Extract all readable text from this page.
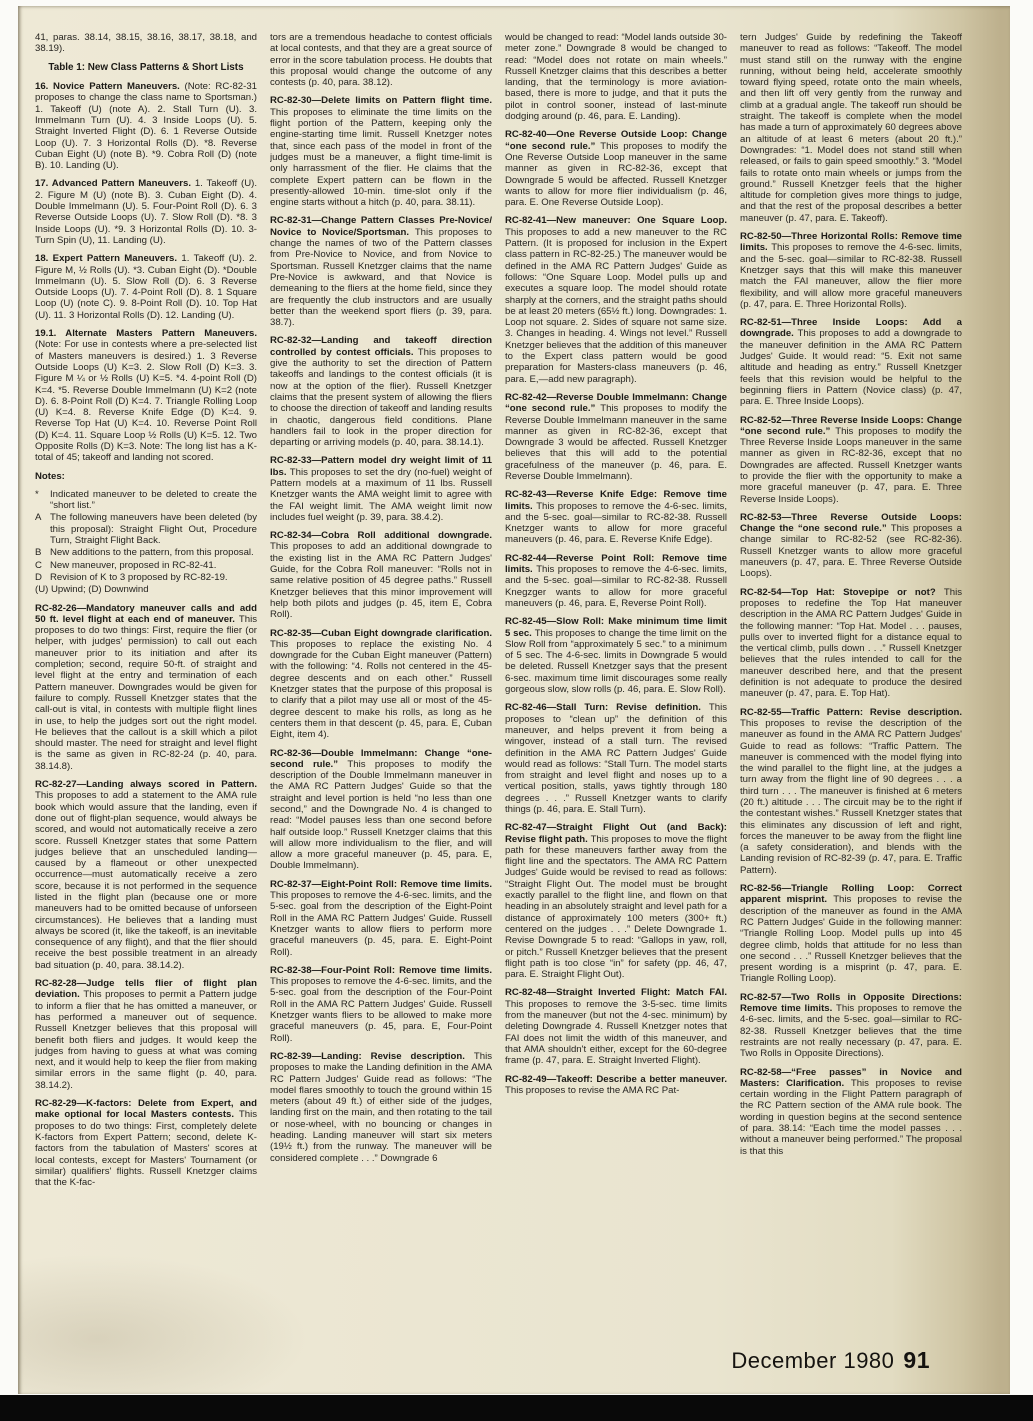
41, paras. 38.14, 38.15, 38.16, 38.17, 38.18, and 38.19).

Table 1: New Class Patterns & Short Lists

16. Novice Pattern Maneuvers. (Note: RC-82-31 proposes to change the class name to Sportsman.) 1. Takeoff (U) (note A). 2. Stall Turn (U). 3. Immelmann Turn (U). 4. 3 Inside Loops (U). 5. Straight Inverted Flight (D). 6. 1 Reverse Outside Loop (U). 7. 3 Horizontal Rolls (D). *8. Reverse Cuban Eight (U) (note B). *9. Cobra Roll (D) (note B). 10. Landing (U).

17. Advanced Pattern Maneuvers. 1. Takeoff (U). 2. Figure M (U) (note B). 3. Cuban Eight (D). 4. Double Immelmann (U). 5. Four-Point Roll (D). 6. 3 Reverse Outside Loops (U). 7. Slow Roll (D). *8. 3 Inside Loops (U). *9. 3 Horizontal Rolls (D). 10. 3-Turn Spin (U), 11. Landing (U).

18. Expert Pattern Maneuvers. 1. Takeoff (U). 2. Figure M, ½ Rolls (U). *3. Cuban Eight (D). *Double Immelmann (U). 5. Slow Roll (D). 6. 3 Reverse Outside Loops (U). 7. 4-Point Roll (D). 8. 1 Square Loop (U) (note C). 9. 8-Point Roll (D). 10. Top Hat (U). 11. 3 Horizontal Rolls (D). 12. Landing (U).

19.1. Alternate Masters Pattern Maneuvers. (Note: For use in contests where a pre-selected list of Masters maneuvers is desired.) 1. 3 Reverse Outside Loops (U) K=3. 2. Slow Roll (D) K=3. 3. Figure M ¼ or ½ Rolls (U) K=5. *4. 4-point Roll (D) K=4. *5. Reverse Double Immelmann (U) K=2 (note D). 6. 8-Point Roll (D) K=4. 7. Triangle Rolling Loop (U) K=4. 8. Reverse Knife Edge (D) K=4. 9. Reverse Top Hat (U) K=4. 10. Reverse Point Roll (D) K=4. 11. Square Loop ½ Rolls (U) K=5. 12. Two Opposite Rolls (D) K=3. Note: The long list has a K-total of 45; takeoff and landing not scored.

Notes:

*	Indicated maneuver to be deleted to create the “short list.”

A The following maneuvers have been deleted (by this proposal): Straight Flight Out, Procedure Turn, Straight Flight Back.

B New additions to the pattern, from this proposal.

C New maneuver, proposed in RC-82-41.

D Revision of K to 3 proposed by RC-82-19.

(U) Upwind; (D) Downwind

RC-82-26—Mandatory maneuver calls and add 50 ft. level flight at each end of maneuver. This proposes to do two things: First, require the flier (or helper, with judges' permission) to call out each maneuver prior to its initiation and after its completion; second, require 50-ft. of straight and level flight at the entry and termination of each Pattern maneuver. Downgrades would be given for failure to comply. Russell Knetzger states that the call-out is vital, in contests with multiple flight lines in use, to help the judges sort out the right model. He believes that the callout is a skill which a pilot should master. The need for straight and level flight is the same as given in RC-82-24 (p. 40, para. 38.14.8).

RC-82-27—Landing always scored in Pattern. This proposes to add a statement to the AMA rule book which would assure that the landing, even if done out of flight-plan sequence, would always be scored, and would not automatically receive a zero score. Russell Knetzger states that some Pattern judges believe that an unscheduled landing—caused by a flameout or other unexpected occurrence—must automatically receive a zero score, because it is not performed in the sequence listed in the flight plan (because one or more maneuvers had to be omitted because of unforseen circumstances). He believes that a landing must always be scored (it, like the takeoff, is an inevitable consequence of any flight), and that the flier should receive the best possible treatment in an already bad situation (p. 40, para. 38.14.2).

RC-82-28—Judge tells flier of flight plan deviation. This proposes to permit a Pattern judge to inform a flier that he has omitted a maneuver, or has performed a maneuver out of sequence. Russell Knetzger believes that this proposal will benefit both fliers and judges. It would keep the judges from having to guess at what was coming next, and it would help to keep the flier from making similar errors in the same flight (p. 40, para. 38.14.2).

RC-82-29—K-factors: Delete from Expert, and make optional for local Masters contests. This proposes to do two things: First, completely delete K-factors from Expert Pattern; second, delete K-factors from the tabulation of Masters' scores at local contests, except for Masters' Tournament (or similar) qualifiers' flights. Russell Knetzger claims that the K-fac-

tors are a tremendous headache to contest officials at local contests, and that they are a great source of error in the score tabulation process. He doubts that this proposal would change the outcome of any contests (p. 40, para. 38.12).

RC-82-30—Delete limits on Pattern flight time. This proposes to eliminate the time limits on the flight portion of the Pattern, keeping only the engine-starting time limit. Russell Knetzger notes that, since each pass of the model in front of the judges must be a maneuver, a flight time-limit is only harrassment of the flier. He claims that the complete Expert pattern can be flown in the presently-allowed 10-min. time-slot only if the engine starts without a hitch (p. 40, para. 38.11).

RC-82-31—Change Pattern Classes Pre-Novice/ Novice to Novice/Sportsman. This proposes to change the names of two of the Pattern classes from Pre-Novice to Novice, and from Novice to Sportsman. Russell Knetzger claims that the name Pre-Novice is awkward, and that Novice is demeaning to the fliers at the home field, since they are frequently the club instructors and are usually better than the weekend sport fliers (p. 39, para. 38.7).

RC-82-32—Landing and takeoff direction controlled by contest officials. This proposes to give the authority to set the direction of Pattern takeoffs and landings to the contest officials (it is now at the option of the flier). Russell Knetzger claims that the present system of allowing the fliers to choose the direction of takeoff and landing results in chaotic, dangerous field conditions. Plane handlers fail to look in the proper direction for departing or arriving models (p. 40, para. 38.14.1).

RC-82-33—Pattern model dry weight limit of 11 lbs. This proposes to set the dry (no-fuel) weight of Pattern models at a maximum of 11 lbs. Russell Knetzger wants the AMA weight limit to agree with the FAI weight limit. The AMA weight limit now includes fuel weight (p. 39, para. 38.4.2).

RC-82-34—Cobra Roll additional downgrade. This proposes to add an additional downgrade to the existing list in the AMA RC Pattern Judges' Guide, for the Cobra Roll maneuver: “Rolls not in same relative position of 45 degree paths.” Russell Knetzger believes that this minor improvement will help both pilots and judges (p. 45, item E, Cobra Roll).

RC-82-35—Cuban Eight downgrade clarification. This proposes to replace the existing No. 4 downgrade for the Cuban Eight maneuver (Pattern) with the following: “4. Rolls not centered in the 45-degree descents and on each other.” Russell Knetzger states that the purpose of this proposal is to clarify that a pilot may use all or most of the 45-degree descent to make his rolls, as long as he centers them in that descent (p. 45, para. E, Cuban Eight, item 4).

RC-82-36—Double Immelmann: Change “one-second rule.” This proposes to modify the description of the Double Immelmann maneuver in the AMA RC Pattern Judges' Guide so that the straight and level portion is held “no less than one second,” and the Downgrade No. 4 is changed to read: “Model pauses less than one second before half outside loop.” Russell Knetzger claims that this will allow more individualism to the flier, and will allow a more graceful maneuver (p. 45, para. E, Double Immelmann).

RC-82-37—Eight-Point Roll: Remove time limits. This proposes to remove the 4-6-sec. limits, and the 5-sec. goal from the description of the Eight-Point Roll in the AMA RC Pattern Judges' Guide. Russell Knetzger wants to allow fliers to perform more graceful maneuvers (p. 45, para. E. Eight-Point Roll).

RC-82-38—Four-Point Roll: Remove time limits. This proposes to remove the 4-6-sec. limits, and the 5-sec. goal from the description of the Four-Point Roll in the AMA RC Pattern Judges' Guide. Russell Knetzger wants fliers to be allowed to make more graceful maneuvers (p. 45, para. E, Four-Point Roll).

RC-82-39—Landing: Revise description. This proposes to make the Landing definition in the AMA RC Pattern Judges' Guide read as follows: “The model flares smoothly to touch the ground within 15 meters (about 49 ft.) of either side of the judges, landing first on the main, and then rotating to the tail or nose-wheel, with no bouncing or changes in heading. Landing maneuver will start six meters (19½ ft.) from the runway. The maneuver will be considered complete . . .” Downgrade 6

would be changed to read: “Model lands outside 30-meter zone.” Downgrade 8 would be changed to read: “Model does not rotate on main wheels.” Russell Knetzger claims that this describes a better landing, that the terminology is more aviation-based, there is more to judge, and that it puts the pilot in control sooner, instead of last-minute dodging around (p. 46, para. E. Landing).

RC-82-40—One Reverse Outside Loop: Change “one second rule.” This proposes to modify the One Reverse Outside Loop maneuver in the same manner as given in RC-82-36, except that Downgrade 5 would be affected. Russell Knetzger wants to allow for more flier individualism (p. 46, para. E. One Reverse Outside Loop).

RC-82-41—New maneuver: One Square Loop. This proposes to add a new maneuver to the RC Pattern. (It is proposed for inclusion in the Expert class pattern in RC-82-25.) The maneuver would be defined in the AMA RC Pattern Judges' Guide as follows: “One Square Loop. Model pulls up and executes a square loop. The model should rotate sharply at the corners, and the straight paths should be at least 20 meters (65½ ft.) long. Downgrades: 1. Loop not square. 2. Sides of square not same size. 3. Changes in heading. 4. Wings not level.” Russell Knetzger believes that the addition of this maneuver to the Expert class pattern would be good preparation for Masters-class maneuvers (p. 46, para. E,—add new paragraph).

RC-82-42—Reverse Double Immelmann: Change “one second rule.” This proposes to modify the Reverse Double Immelmann maneuver in the same manner as given in RC-82-36, except that Downgrade 3 would be affected. Russell Knetzger believes that this will add to the potential gracefulness of the maneuver (p. 46, para. E. Reverse Double Immelmann).

RC-82-43—Reverse Knife Edge: Remove time limits. This proposes to remove the 4-6-sec. limits, and the 5-sec. goal—similar to RC-82-38. Russell Knetzger wants to allow for more graceful maneuvers (p. 46, para. E. Reverse Knife Edge).

RC-82-44—Reverse Point Roll: Remove time limits. This proposes to remove the 4-6-sec. limits, and the 5-sec. goal—similar to RC-82-38. Russell Knegzger wants to allow for more graceful maneuvers (p. 46, para. E, Reverse Point Roll).

RC-82-45—Slow Roll: Make minimum time limit 5 sec. This proposes to change the time limit on the Slow Roll from “approximately 5 sec.” to a minimum of 5 sec. The 4-6-sec. limits in Downgrade 5 would be deleted. Russell Knetzger says that the present 6-sec. maximum time limit discourages some really gorgeous slow, slow rolls (p. 46, para. E. Slow Roll).

RC-82-46—Stall Turn: Revise definition. This proposes to “clean up” the definition of this maneuver, and helps prevent it from being a wingover, instead of a stall turn. The revised definition in the AMA RC Pattern Judges' Guide would read as follows: “Stall Turn. The model starts from straight and level flight and noses up to a vertical position, stalls, yaws tightly through 180 degrees . . .” Russell Knetzger wants to clarify things (p. 46, para. E. Stall Turn).

RC-82-47—Straight Flight Out (and Back): Revise flight path. This proposes to move the flight path for these maneuvers farther away from the flight line and the spectators. The AMA RC Pattern Judges' Guide would be revised to read as follows: “Straight Flight Out. The model must be brought exactly parallel to the flight line, and flown on that heading in an absolutely straight and level path for a distance of approximately 100 meters (300+ ft.) centered on the judges . . .” Delete Downgrade 1. Revise Downgrade 5 to read: “Gallops in yaw, roll, or pitch.” Russell Knetzger believes that the present flight path is too close “in” for safety (pp. 46, 47, para. E. Straight Flight Out).

RC-82-48—Straight Inverted Flight: Match FAI. This proposes to remove the 3-5-sec. time limits from the maneuver (but not the 4-sec. minimum) by deleting Downgrade 4. Russell Knetzger notes that FAI does not limit the width of this maneuver, and that AMA shouldn't either, except for the 60-degree frame (p. 47, para. E. Straight Inverted Flight).

RC-82-49—Takeoff: Describe a better maneuver. This proposes to revise the AMA RC Pat-

tern Judges' Guide by redefining the Takeoff maneuver to read as follows: “Takeoff. The model must stand still on the runway with the engine running, without being held, accelerate smoothly toward flying speed, rotate onto the main wheels, and then lift off very gently from the runway and climb at a gradual angle. The takeoff run should be straight. The takeoff is complete when the model has made a turn of approximately 60 degrees above an altitude of at least 6 meters (about 20 ft.).” Downgrades: “1. Model does not stand still when released, or fails to gain speed smoothly.” 3. “Model fails to rotate onto main wheels or jumps from the ground.” Russell Knetzger feels that the higher altitude for completion gives more things to judge, and that the rest of the proposal describes a better maneuver (p. 47, para. E. Takeoff).

RC-82-50—Three Horizontal Rolls: Remove time limits. This proposes to remove the 4-6-sec. limits, and the 5-sec. goal—similar to RC-82-38. Russell Knetzger says that this will make this maneuver match the FAI maneuver, allow the flier more flexibility, and will allow more graceful maneuvers (p. 47, para. E. Three Horizontal Rolls).

RC-82-51—Three Inside Loops: Add a downgrade. This proposes to add a downgrade to the maneuver definition in the AMA RC Pattern Judges' Guide. It would read: “5. Exit not same altitude and heading as entry.” Russell Knetzger feels that this revision would be helpful to the beginning fliers in Pattern (Novice class) (p. 47, para. E. Three Inside Loops).

RC-82-52—Three Reverse Inside Loops: Change “one second rule.” This proposes to modify the Three Reverse Inside Loops maneuver in the same manner as given in RC-82-36, except that no Downgrades are affected. Russell Knetzger wants to provide the flier with the opportunity to make a more graceful maneuver (p. 47, para. E. Three Reverse Inside Loops).

RC-82-53—Three Reverse Outside Loops: Change the “one second rule.” This proposes a change similar to RC-82-52 (see RC-82-36). Russell Knetzger wants to allow more graceful maneuvers (p. 47, para. E. Three Reverse Outside Loops).

RC-82-54—Top Hat: Stovepipe or not? This proposes to redefine the Top Hat maneuver description in the AMA RC Pattern Judges' Guide in the following manner: “Top Hat. Model . . . pauses, pulls over to inverted flight for a distance equal to the vertical climb, pulls down . . .” Russell Knetzger believes that the rules intended to call for the maneuver described here, and that the present definition is not adequate to produce the desired maneuver (p. 47, para. E. Top Hat).

RC-82-55—Traffic Pattern: Revise description. This proposes to revise the description of the maneuver as found in the AMA RC Pattern Judges' Guide to read as follows: “Traffic Pattern. The maneuver is commenced with the model flying into the wind parallel to the flight line, at the judges a turn away from the flight line of 90 degrees . . . a third turn . . . The maneuver is finished at 6 meters (20 ft.) altitude . . . The circuit may be to the right if the contestant wishes.” Russell Knetzger states that this eliminates any discussion of left and right, forces the maneuver to be away from the flight line (a safety consideration), and blends with the Landing revision of RC-82-39 (p. 47, para. E. Traffic Pattern).

RC-82-56—Triangle Rolling Loop: Correct apparent misprint. This proposes to revise the description of the maneuver as found in the AMA RC Pattern Judges' Guide in the following manner: “Triangle Rolling Loop. Model pulls up into 45 degree climb, holds that attitude for no less than one second . . .” Russell Knetzger believes that the present wording is a misprint (p. 47, para. E. Triangle Rolling Loop).

RC-82-57—Two Rolls in Opposite Directions: Remove time limits. This proposes to remove the 4-6-sec. limits, and the 5-sec. goal—similar to RC-82-38. Russell Knetzger believes that the time restraints are not really necessary (p. 47, para. E. Two Rolls in Opposite Directions).

RC-82-58—“Free passes” in Novice and Masters: Clarification. This proposes to revise certain wording in the Flight Pattern paragraph of the RC Pattern section of the AMA rule book. The wording in question begins at the second sentence of para. 38.14: “Each time the model passes . . . without a maneuver being performed.” The proposal is that this

December 1980 91
